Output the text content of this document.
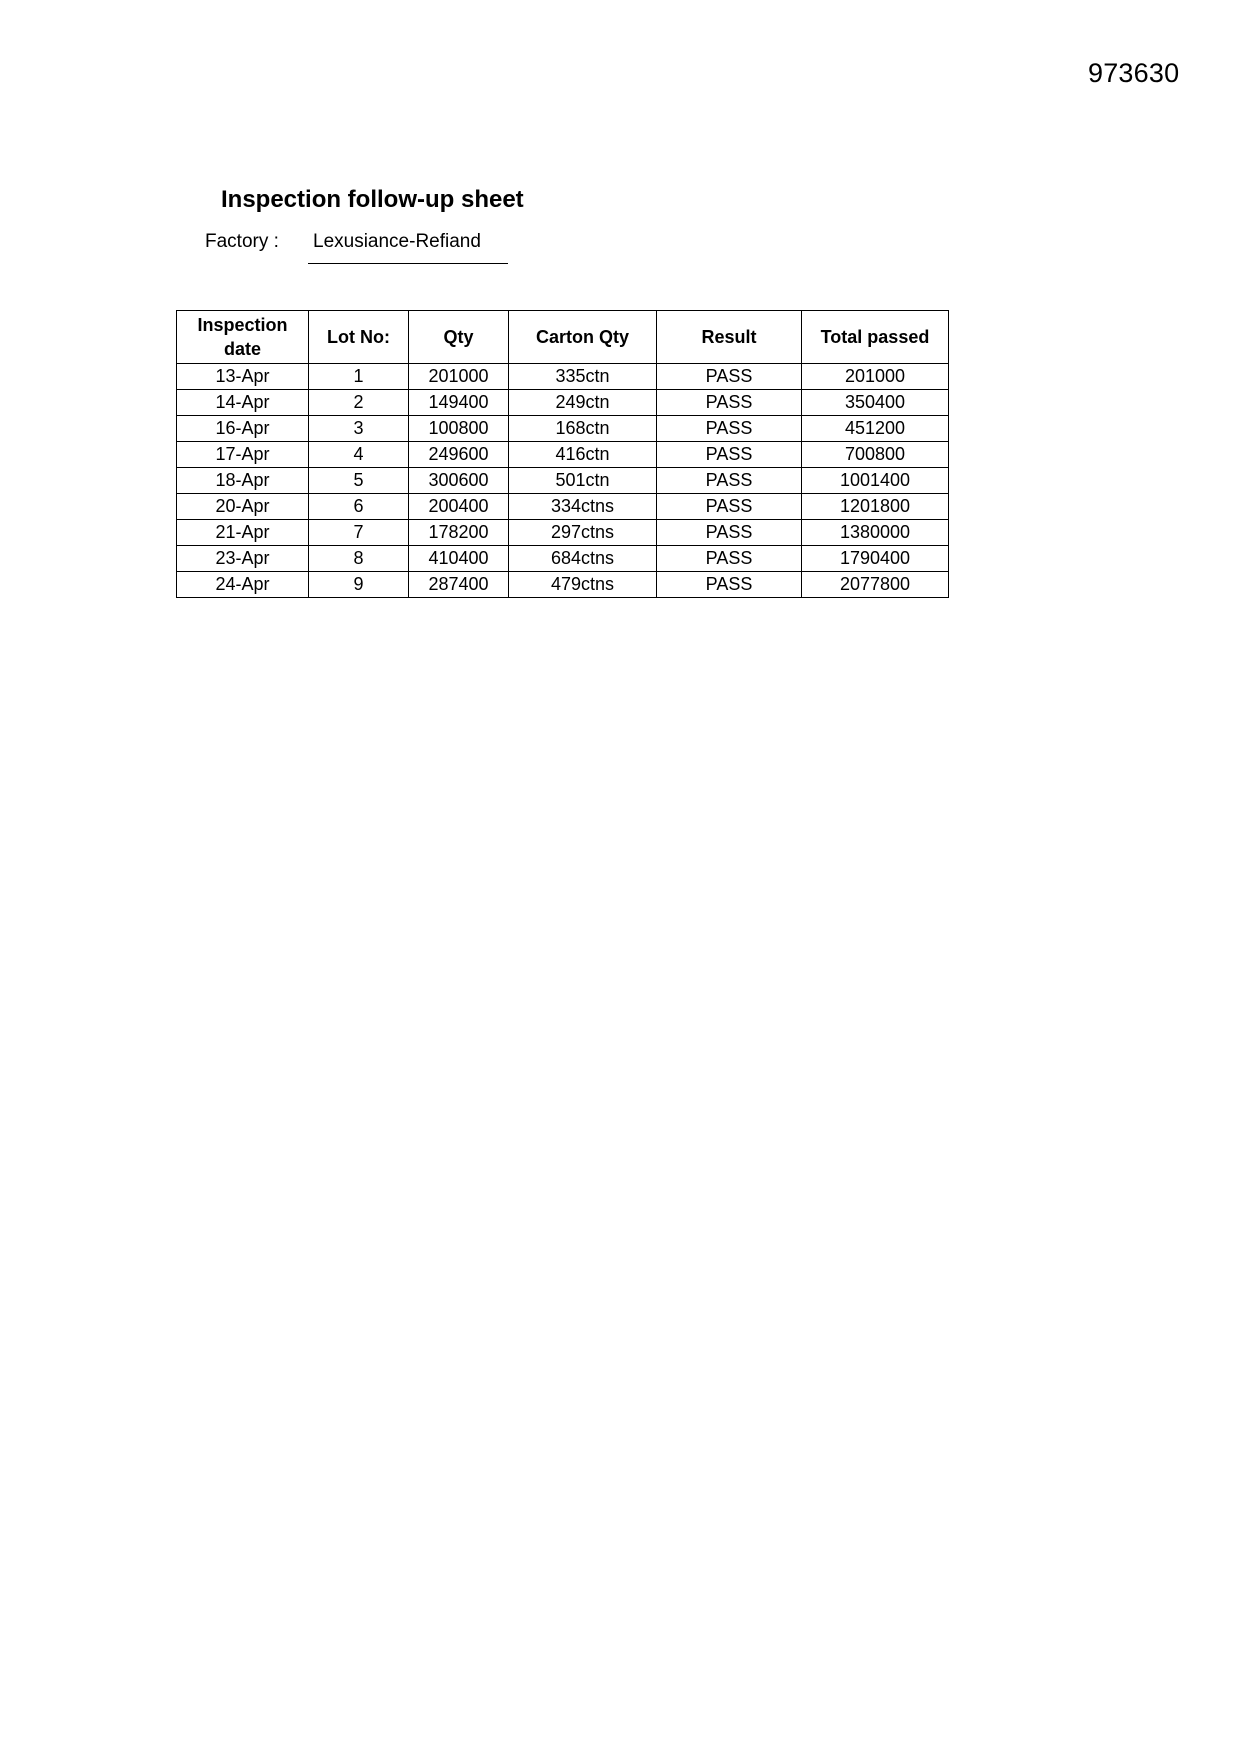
973630
Inspection follow-up sheet
Factory : Lexusiance-Refiand
Inspection date	Lot No:	Qty	Carton Qty	Result	Total passed
13-Apr	1	201000	335ctn	PASS	201000
14-Apr	2	149400	249ctn	PASS	350400
16-Apr	3	100800	168ctn	PASS	451200
17-Apr	4	249600	416ctn	PASS	700800
18-Apr	5	300600	501ctn	PASS	1001400
20-Apr	6	200400	334ctns	PASS	1201800
21-Apr	7	178200	297ctns	PASS	1380000
23-Apr	8	410400	684ctns	PASS	1790400
24-Apr	9	287400	479ctns	PASS	2077800
